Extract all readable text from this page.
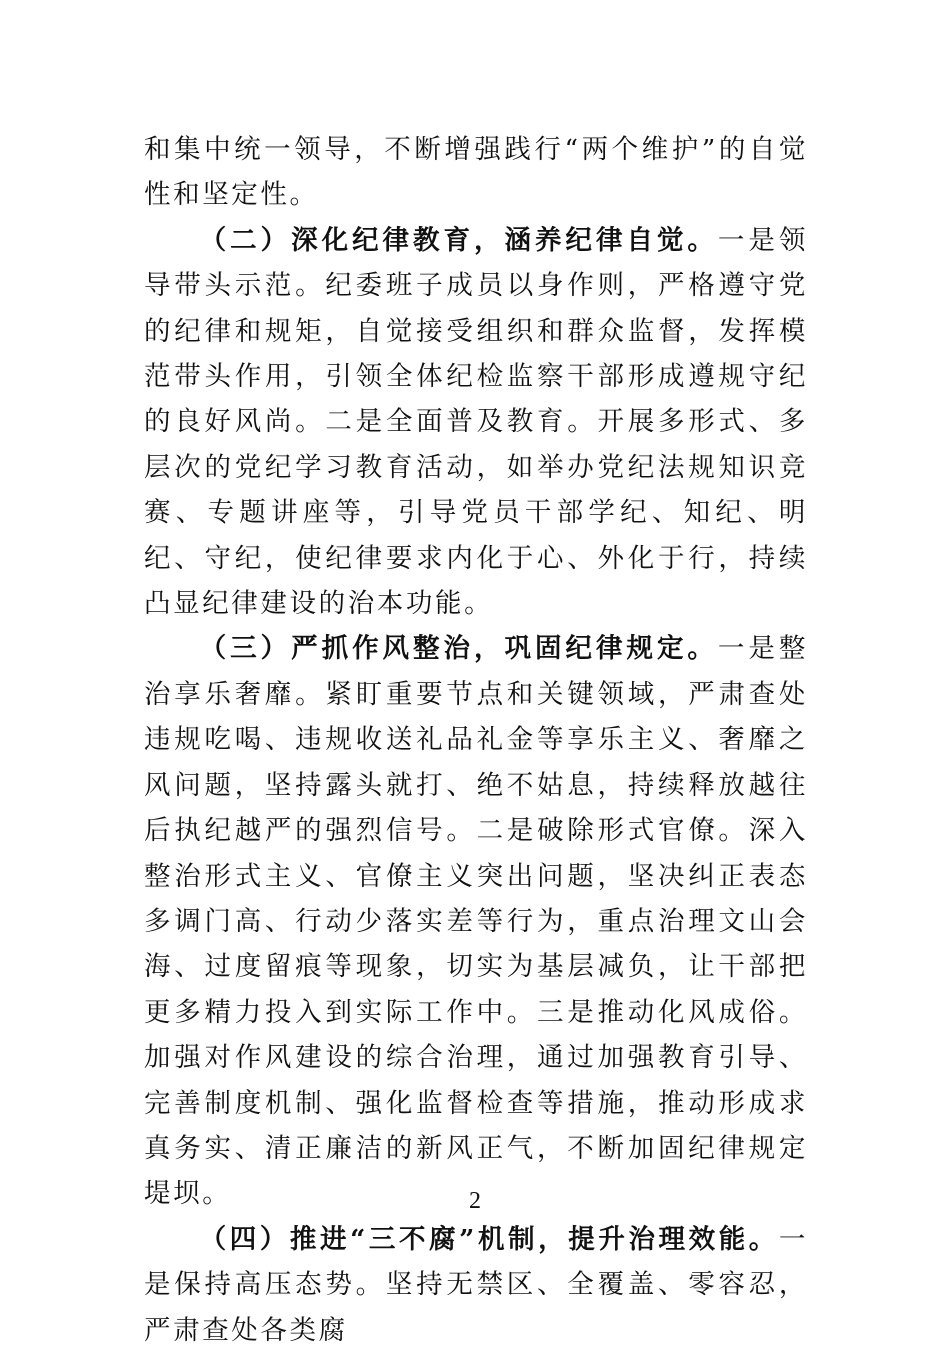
和集中统一领导，不断增强践行“两个维护”的自觉性和坚定性。

（二）深化纪律教育，涵养纪律自觉。一是领导带头示范。纪委班子成员以身作则，严格遵守党的纪律和规矩，自觉接受组织和群众监督，发挥模范带头作用，引领全体纪检监察干部形成遵规守纪的良好风尚。二是全面普及教育。开展多形式、多层次的党纪学习教育活动，如举办党纪法规知识竞赛、专题讲座等，引导党员干部学纪、知纪、明纪、守纪，使纪律要求内化于心、外化于行，持续凸显纪律建设的治本功能。

（三）严抓作风整治，巩固纪律规定。一是整治享乐奢靡。紧盯重要节点和关键领域，严肃查处违规吃喝、违规收送礼品礼金等享乐主义、奢靡之风问题，坚持露头就打、绝不姑息，持续释放越往后执纪越严的强烈信号。二是破除形式官僚。深入整治形式主义、官僚主义突出问题，坚决纠正表态多调门高、行动少落实差等行为，重点治理文山会海、过度留痕等现象，切实为基层减负，让干部把更多精力投入到实际工作中。三是推动化风成俗。加强对作风建设的综合治理，通过加强教育引导、完善制度机制、强化监督检查等措施，推动形成求真务实、清正廉洁的新风正气，不断加固纪律规定堤坝。

（四）推进“三不腐”机制，提升治理效能。一是保持高压态势。坚持无禁区、全覆盖、零容忍，严肃查处各类腐

2
